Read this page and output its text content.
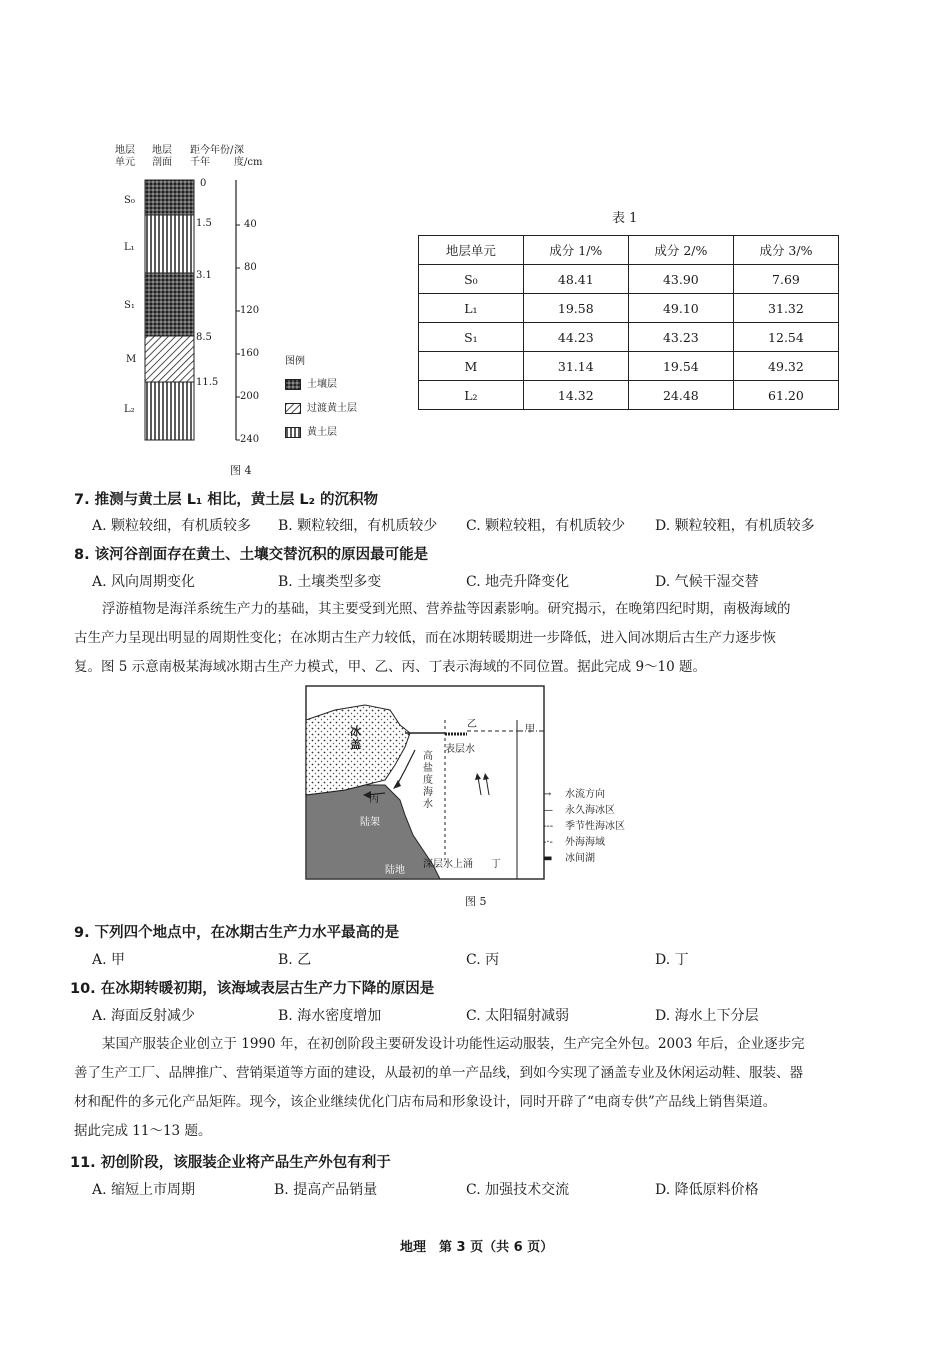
地层单元
地层剖面
距今年份/千年
深度/cm
S₀
L₁
S₁
M
L₂
0
1.5
3.1
8.5
11.5
40
80
120
160
200
240
图例
土壤层
过渡黄土层
黄土层
图 4
表 1
地层单元	成分 1/%	成分 2/%	成分 3/%
S₀	48.41	43.90	7.69
L₁	19.58	49.10	31.32
S₁	44.23	43.23	12.54
M	31.14	19.54	49.32
L₂	14.32	24.48	61.20
7. 推测与黄土层 L₁ 相比，黄土层 L₂ 的沉积物
A. 颗粒较细，有机质较多 B. 颗粒较细，有机质较少 C. 颗粒较粗，有机质较少 D. 颗粒较粗，有机质较多
8. 该河谷剖面存在黄土、土壤交替沉积的原因最可能是
A. 风向周期变化	B. 土壤类型多变	C. 地壳升降变化	D. 气候干湿交替
浮游植物是海洋系统生产力的基础，其主要受到光照、营养盐等因素影响。研究揭示，在晚第四纪时期，南极海域的
古生产力呈现出明显的周期性变化；在冰期古生产力较低，而在冰期转暖期进一步降低，进入间冰期后古生产力逐步恢
复。图 5 示意南极某海域冰期古生产力模式，甲、乙、丙、丁表示海域的不同位置。据此完成 9～10 题。
冰盖
陆架
陆地
表层水
高盐度海水
深层水上涌
甲
乙
丙
丁
→ 水流方向
— 永久海冰区
--- 季节性海冰区
-·- 外海海域
▬ 冰间湖
图 5
9. 下列四个地点中，在冰期古生产力水平最高的是
A. 甲	B. 乙	C. 丙	D. 丁
10. 在冰期转暖初期，该海域表层古生产力下降的原因是
A. 海面反射减少	B. 海水密度增加	C. 太阳辐射减弱	D. 海水上下分层
某国产服装企业创立于 1990 年，在初创阶段主要研发设计功能性运动服装，生产完全外包。2003 年后，企业逐步完
善了生产工厂、品牌推广、营销渠道等方面的建设，从最初的单一产品线，到如今实现了涵盖专业及休闲运动鞋、服装、器
材和配件的多元化产品矩阵。现今，该企业继续优化门店布局和形象设计，同时开辟了“电商专供”产品线上销售渠道。
据此完成 11～13 题。
11. 初创阶段，该服装企业将产品生产外包有利于
A. 缩短上市周期	B. 提高产品销量	C. 加强技术交流	D. 降低原料价格
地理　第 3 页（共 6 页）
